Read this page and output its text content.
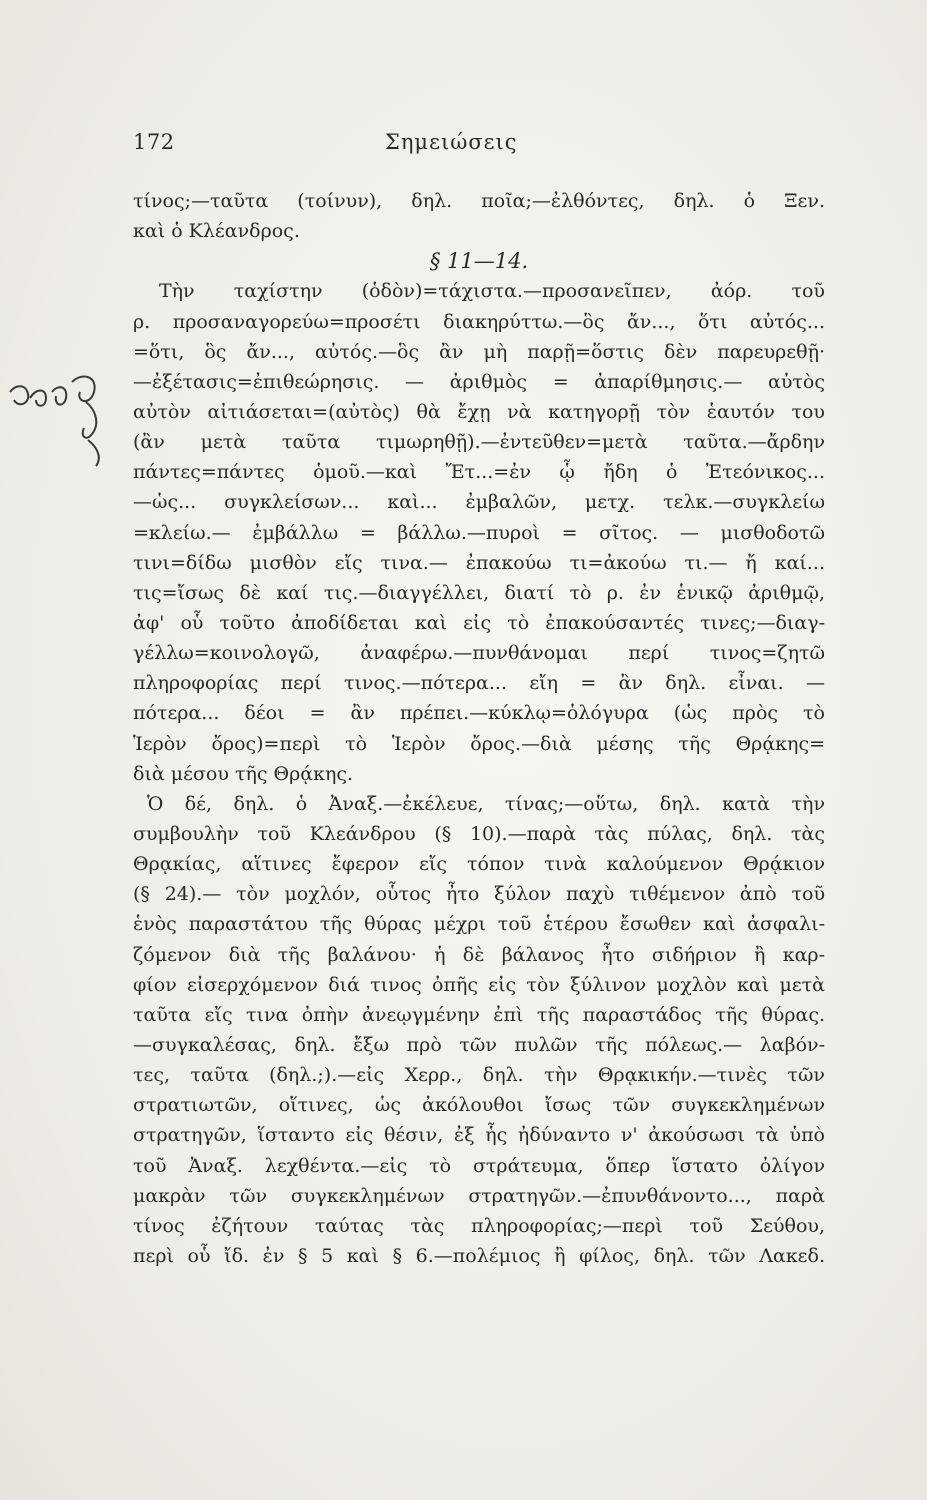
172	Σημειώσεις
τίνος;—ταῦτα (τοίνυν), δηλ. ποῖα;—ἐλθόντες, δηλ. ὁ Ξεν.
καὶ ὁ Κλέανδρος.
§ 11—14.
Τὴν ταχίστην (ὁδὸν)=τάχιστα.—προσανεῖπεν, ἀόρ. τοῦ
ρ. προσαναγορεύω=προσέτι διακηρύττω.—ὃς ἄν..., ὅτι αὐτός...
=ὅτι, ὃς ἄν..., αὐτός.—ὃς ἂν μὴ παρῇ=ὅστις δὲν παρευρεθῇ·
—ἐξέτασις=ἐπιθεώρησις. — ἀριθμὸς = ἀπαρίθμησις.— αὐτὸς
αὐτὸν αἰτιάσεται=(αὐτὸς) θὰ ἔχῃ νὰ κατηγορῇ τὸν ἑαυτόν του
(ἂν μετὰ ταῦτα τιμωρηθῇ).—ἐντεῦθεν=μετὰ ταῦτα.—ἄρδην
πάντες=πάντες ὁμοῦ.—καὶ Ἔτ...=ἐν ᾧ ἤδη ὁ Ἐτεόνικος...
—ὡς... συγκλείσων... καὶ... ἐμβαλῶν, μετχ. τελκ.—συγκλείω
=κλείω.— ἐμβάλλω = βάλλω.—πυροὶ = σῖτος. — μισθοδοτῶ
τινι=δίδω μισθὸν εἴς τινα.— ἐπακούω τι=ἀκούω τι.— ἤ καί...
τις=ἴσως δὲ καί τις.—διαγγέλλει, διατί τὸ ρ. ἐν ἑνικῷ ἀριθμῷ,
ἀφ' οὗ τοῦτο ἀποδίδεται καὶ εἰς τὸ ἐπακούσαντές τινες;—διαγ-
γέλλω=κοινολογῶ, ἀναφέρω.—πυνθάνομαι περί τινος=ζητῶ
πληροφορίας περί τινος.—πότερα... εἴη = ἂν δηλ. εἶναι. —
πότερα... δέοι = ἂν πρέπει.—κύκλῳ=ὁλόγυρα (ὡς πρὸς τὸ
Ἱερὸν ὄρος)=περὶ τὸ Ἱερὸν ὄρος.—διὰ μέσης τῆς Θρᾴκης=
διὰ μέσου τῆς Θρᾴκης.
Ὁ δέ, δηλ. ὁ Ἀναξ.—ἐκέλευε, τίνας;—οὕτω, δηλ. κατὰ τὴν
συμβουλὴν τοῦ Κλεάνδρου (§ 10).—παρὰ τὰς πύλας, δηλ. τὰς
Θρᾳκίας, αἵτινες ἔφερον εἴς τόπον τινὰ καλούμενον Θρᾴκιον
(§ 24).— τὸν μοχλόν, οὗτος ἦτο ξύλον παχὺ τιθέμενον ἀπὸ τοῦ
ἑνὸς παραστάτου τῆς θύρας μέχρι τοῦ ἑτέρου ἔσωθεν καὶ ἀσφαλι-
ζόμενον διὰ τῆς βαλάνου· ἡ δὲ βάλανος ἦτο σιδήριον ἢ καρ-
φίον εἰσερχόμενον διά τινος ὀπῆς εἰς τὸν ξύλινον μοχλὸν καὶ μετὰ
ταῦτα εἴς τινα ὀπὴν ἀνεῳγμένην ἐπὶ τῆς παραστάδος τῆς θύρας.
—συγκαλέσας, δηλ. ἔξω πρὸ τῶν πυλῶν τῆς πόλεως.— λαβόν-
τες, ταῦτα (δηλ.;).—εἰς Χερρ., δηλ. τὴν Θρᾳκικήν.—τινὲς τῶν
στρατιωτῶν, οἵτινες, ὡς ἀκόλουθοι ἴσως τῶν συγκεκλημένων
στρατηγῶν, ἵσταντο εἰς θέσιν, ἐξ ἧς ἠδύναντο ν' ἀκούσωσι τὰ ὑπὸ
τοῦ Ἀναξ. λεχθέντα.—εἰς τὸ στράτευμα, ὅπερ ἵστατο ὀλίγον
μακρὰν τῶν συγκεκλημένων στρατηγῶν.—ἐπυνθάνοντο..., παρὰ
τίνος ἐζήτουν ταύτας τὰς πληροφορίας;—περὶ τοῦ Σεύθου,
περὶ οὗ ἴδ. ἐν § 5 καὶ § 6.—πολέμιος ἢ φίλος, δηλ. τῶν Λακεδ.
